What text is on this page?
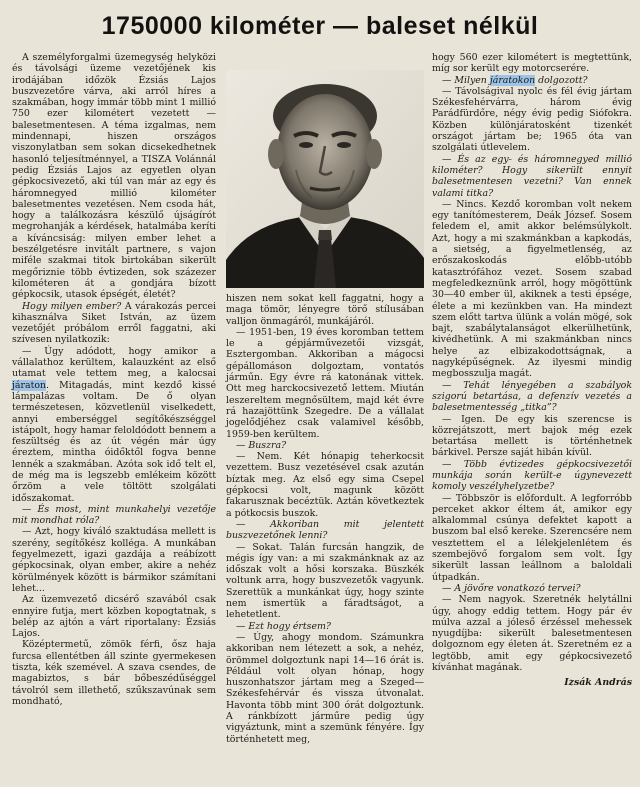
1750000 kilométer — baleset nélkül

A személyforgalmi üzemegység helyközi és távolsági üzeme vezetőjének kis irodájában időzök Ézsiás Lajos buszvezetőre várva, aki arról híres a szakmában, hogy immár több mint 1 millió 750 ezer kilométert vezetett — balesetmentesen. A téma izgalmas, nem mindennapi, hiszen országos viszonylatban sem sokan dicsekedhetnek hasonló teljesítménnyel, a TISZA Volánnál pedig Ézsiás Lajos az egyetlen olyan gépkocsivezető, aki túl van már az egy és háromnegyed millió kilométer balesetmentes vezetésen. Nem csoda hát, hogy a találkozásra készülő újságírót megrohanják a kérdések, hatalmába keríti a kíváncsiság: milyen ember lehet a beszélgetésre invitált partnere, s vajon miféle szakmai titok birtokában sikerült megőriznie több évtizeden, sok százezer kilométeren át a gondjára bízott gépkocsik, utasok épségét, életét?

Hogy milyen ember? A várakozás percei kihasználva Siket István, az üzem vezetőjét próbálom erről faggatni, aki szívesen nyilatkozik:

— Úgy adódott, hogy amikor a vállalathoz kerültem, kalauzként az első utamat vele tettem meg, a kalocsai járaton. Mitagadás, mint kezdő kissé lámpalázas voltam. De ő olyan természetesen, közvetlenül viselkedett, annyi emberséggel segítőkészséggel istápolt, hogy hamar feloldódott bennem a feszültség és az út végén már úgy éreztem, mintha óidőktől fogva benne lennék a szakmában. Azóta sok idő telt el, de még ma is legszebb emlékeim között őrzöm a vele töltött szolgálati időszakomat.

— És most, mint munkahelyi vezetője mit mondhat róla?

— Azt, hogy kiváló szaktudása mellett is szerény, segítőkész kolléga. A munkában fegyelmezett, igazi gazdája a reábízott gépkocsinak, olyan ember, akire a nehéz körülmények között is bármikor számítani lehet...

Az üzemvezető dicsérő szavából csak ennyire futja, mert közben kopogtatnak, s belép az ajtón a várt riportalany: Ézsiás Lajos.

Középtermetű, zömök férfi, ősz haja furcsa ellentétben áll szinte gyermekesen tiszta, kék szemével. A szava csendes, de magabiztos, s bár bőbeszédűséggel távolról sem illethető, szűkszavúnak sem mondható,

hiszen nem sokat kell faggatni, hogy a maga tömör, lényegre törő stílusában valljon önmagáról, munkájáról.

— 1951-ben, 19 éves koromban tettem le a gépjárművezetői vizsgát, Esztergomban. Akkoriban a mágocsi gépállomáson dolgoztam, vontatós járműn. Egy évre rá katonának vittek. Ott meg harckocsivezető lettem. Miután leszereltem megnősültem, majd két évre rá hazajöttünk Szegedre. De a vállalat jogelődjéhez csak valamivel később, 1959-ben kerültem.

— Buszra?

— Nem. Két hónapig teherkocsit vezettem. Busz vezetésével csak azután bíztak meg. Az első egy sima Csepel gépkocsi volt, magunk között fakarusznak becéztük. Aztán következtek a pótkocsis buszok.

— Akkoriban mit jelentett buszvezetőnek lenni?

— Sokat. Talán furcsán hangzik, de mégis így van: a mi szakmánknak az az időszak volt a hősi korszaka. Büszkék voltunk arra, hogy buszvezetők vagyunk. Szerettük a munkánkat úgy, hogy szinte nem ismertük a fáradtságot, a lehetetlent.

— Ezt hogy értsem?

— Úgy, ahogy mondom. Számunkra akkoriban nem létezett a sok, a nehéz, örömmel dolgoztunk napi 14—16 órát is. Például volt olyan hónap, hogy huszonhatszor jártam meg a Szeged—Székesfehérvár és vissza útvonalat. Havonta több mint 300 órát dolgoztunk. A ránkbízott járműre pedig úgy vigyáztunk, mint a szemünk fényére. Így történhetett meg,

hogy 560 ezer kilométert is megtettünk, míg sor került egy motorcserére.

— Milyen járatokon dolgozott?

— Távolságival nyolc és fél évig jártam Székesfehérvárra, három évig Parádfürdőre, négy évig pedig Siófokra. Közben különjáratosként tizenkét országot jártam be; 1965 óta van szolgálati útlevelem.

— És az egy- és háromnegyed millió kilométer? Hogy sikerült ennyit balesetmentesen vezetni? Van ennek valami titka?

— Nincs. Kezdő koromban volt nekem egy tanítómesterem, Deák József. Sosem feledem el, amit akkor belémsúlykolt. Azt, hogy a mi szakmánkban a kapkodás, a sietség, a figyelmetlenség, az erőszakoskodás előbb-utóbb katasztrófához vezet. Sosem szabad megfeledkeznünk arról, hogy mögöttünk 30—40 ember ül, akiknek a testi épsége, élete a mi kezünkben van. Ha mindezt szem előtt tartva ülünk a volán mögé, sok bajt, szabálytalanságot elkerülhetünk, kivédhetünk. A mi szakmánkban nincs helye az elbizakodottságnak, a nagyképűségnek. Az ilyesmi mindig megbosszulja magát.

— Tehát lényegében a szabályok szigorú betartása, a defenzív vezetés a balesetmentesség „titka”?

— Igen. De egy kis szerencse is közrejátszott, mert bajok még ezek betartása mellett is történhetnek bárkivel. Persze saját hibán kívül.

— Több évtizedes gépkocsivezetői munkája során került-e úgynevezett komoly veszélyhelyzetbe?

— Többször is előfordult. A legforróbb perceket akkor éltem át, amikor egy alkalommal csúnya defektet kapott a buszom bal első kereke. Szerencsére nem vesztettem el a lélekjelenlétem és szembejövő forgalom sem volt. Így sikerült lassan leállnom a baloldali útpadkán.

— A jövőre vonatkozó tervei?

— Nem nagyok. Szeretnék helytállni úgy, ahogy eddig tettem. Hogy pár év múlva azzal a jóleső érzéssel mehessek nyugdíjba: sikerült balesetmentesen dolgoznom egy életen át. Szeretném ez a legtöbb, amit egy gépkocsivezető kívánhat magának.

Izsák András
